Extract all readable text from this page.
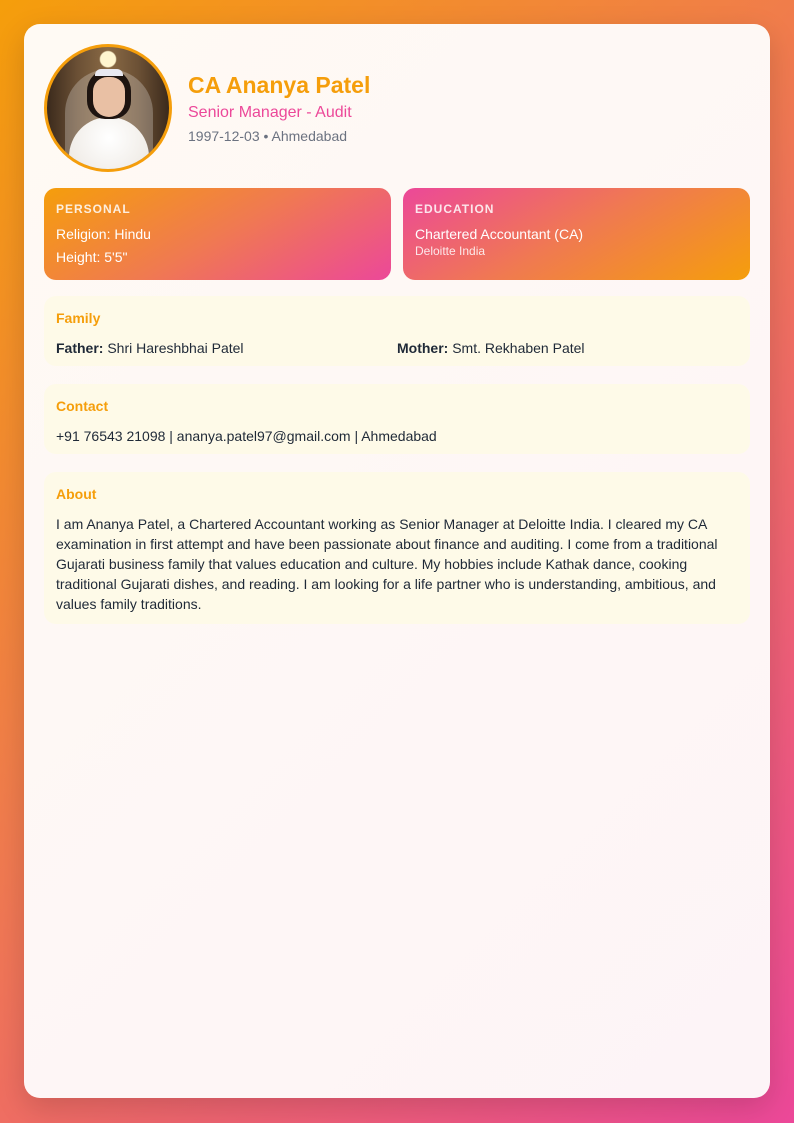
CA Ananya Patel
Senior Manager - Audit
1997-12-03 • Ahmedabad
PERSONAL
Religion: Hindu
Height: 5'5"
EDUCATION
Chartered Accountant (CA)
Deloitte India
Family
Father: Shri Hareshbhai Patel	Mother: Smt. Rekhaben Patel
Contact
+91 76543 21098 | ananya.patel97@gmail.com | Ahmedabad
About
I am Ananya Patel, a Chartered Accountant working as Senior Manager at Deloitte India. I cleared my CA examination in first attempt and have been passionate about finance and auditing. I come from a traditional Gujarati business family that values education and culture. My hobbies include Kathak dance, cooking traditional Gujarati dishes, and reading. I am looking for a life partner who is understanding, ambitious, and values family traditions.
